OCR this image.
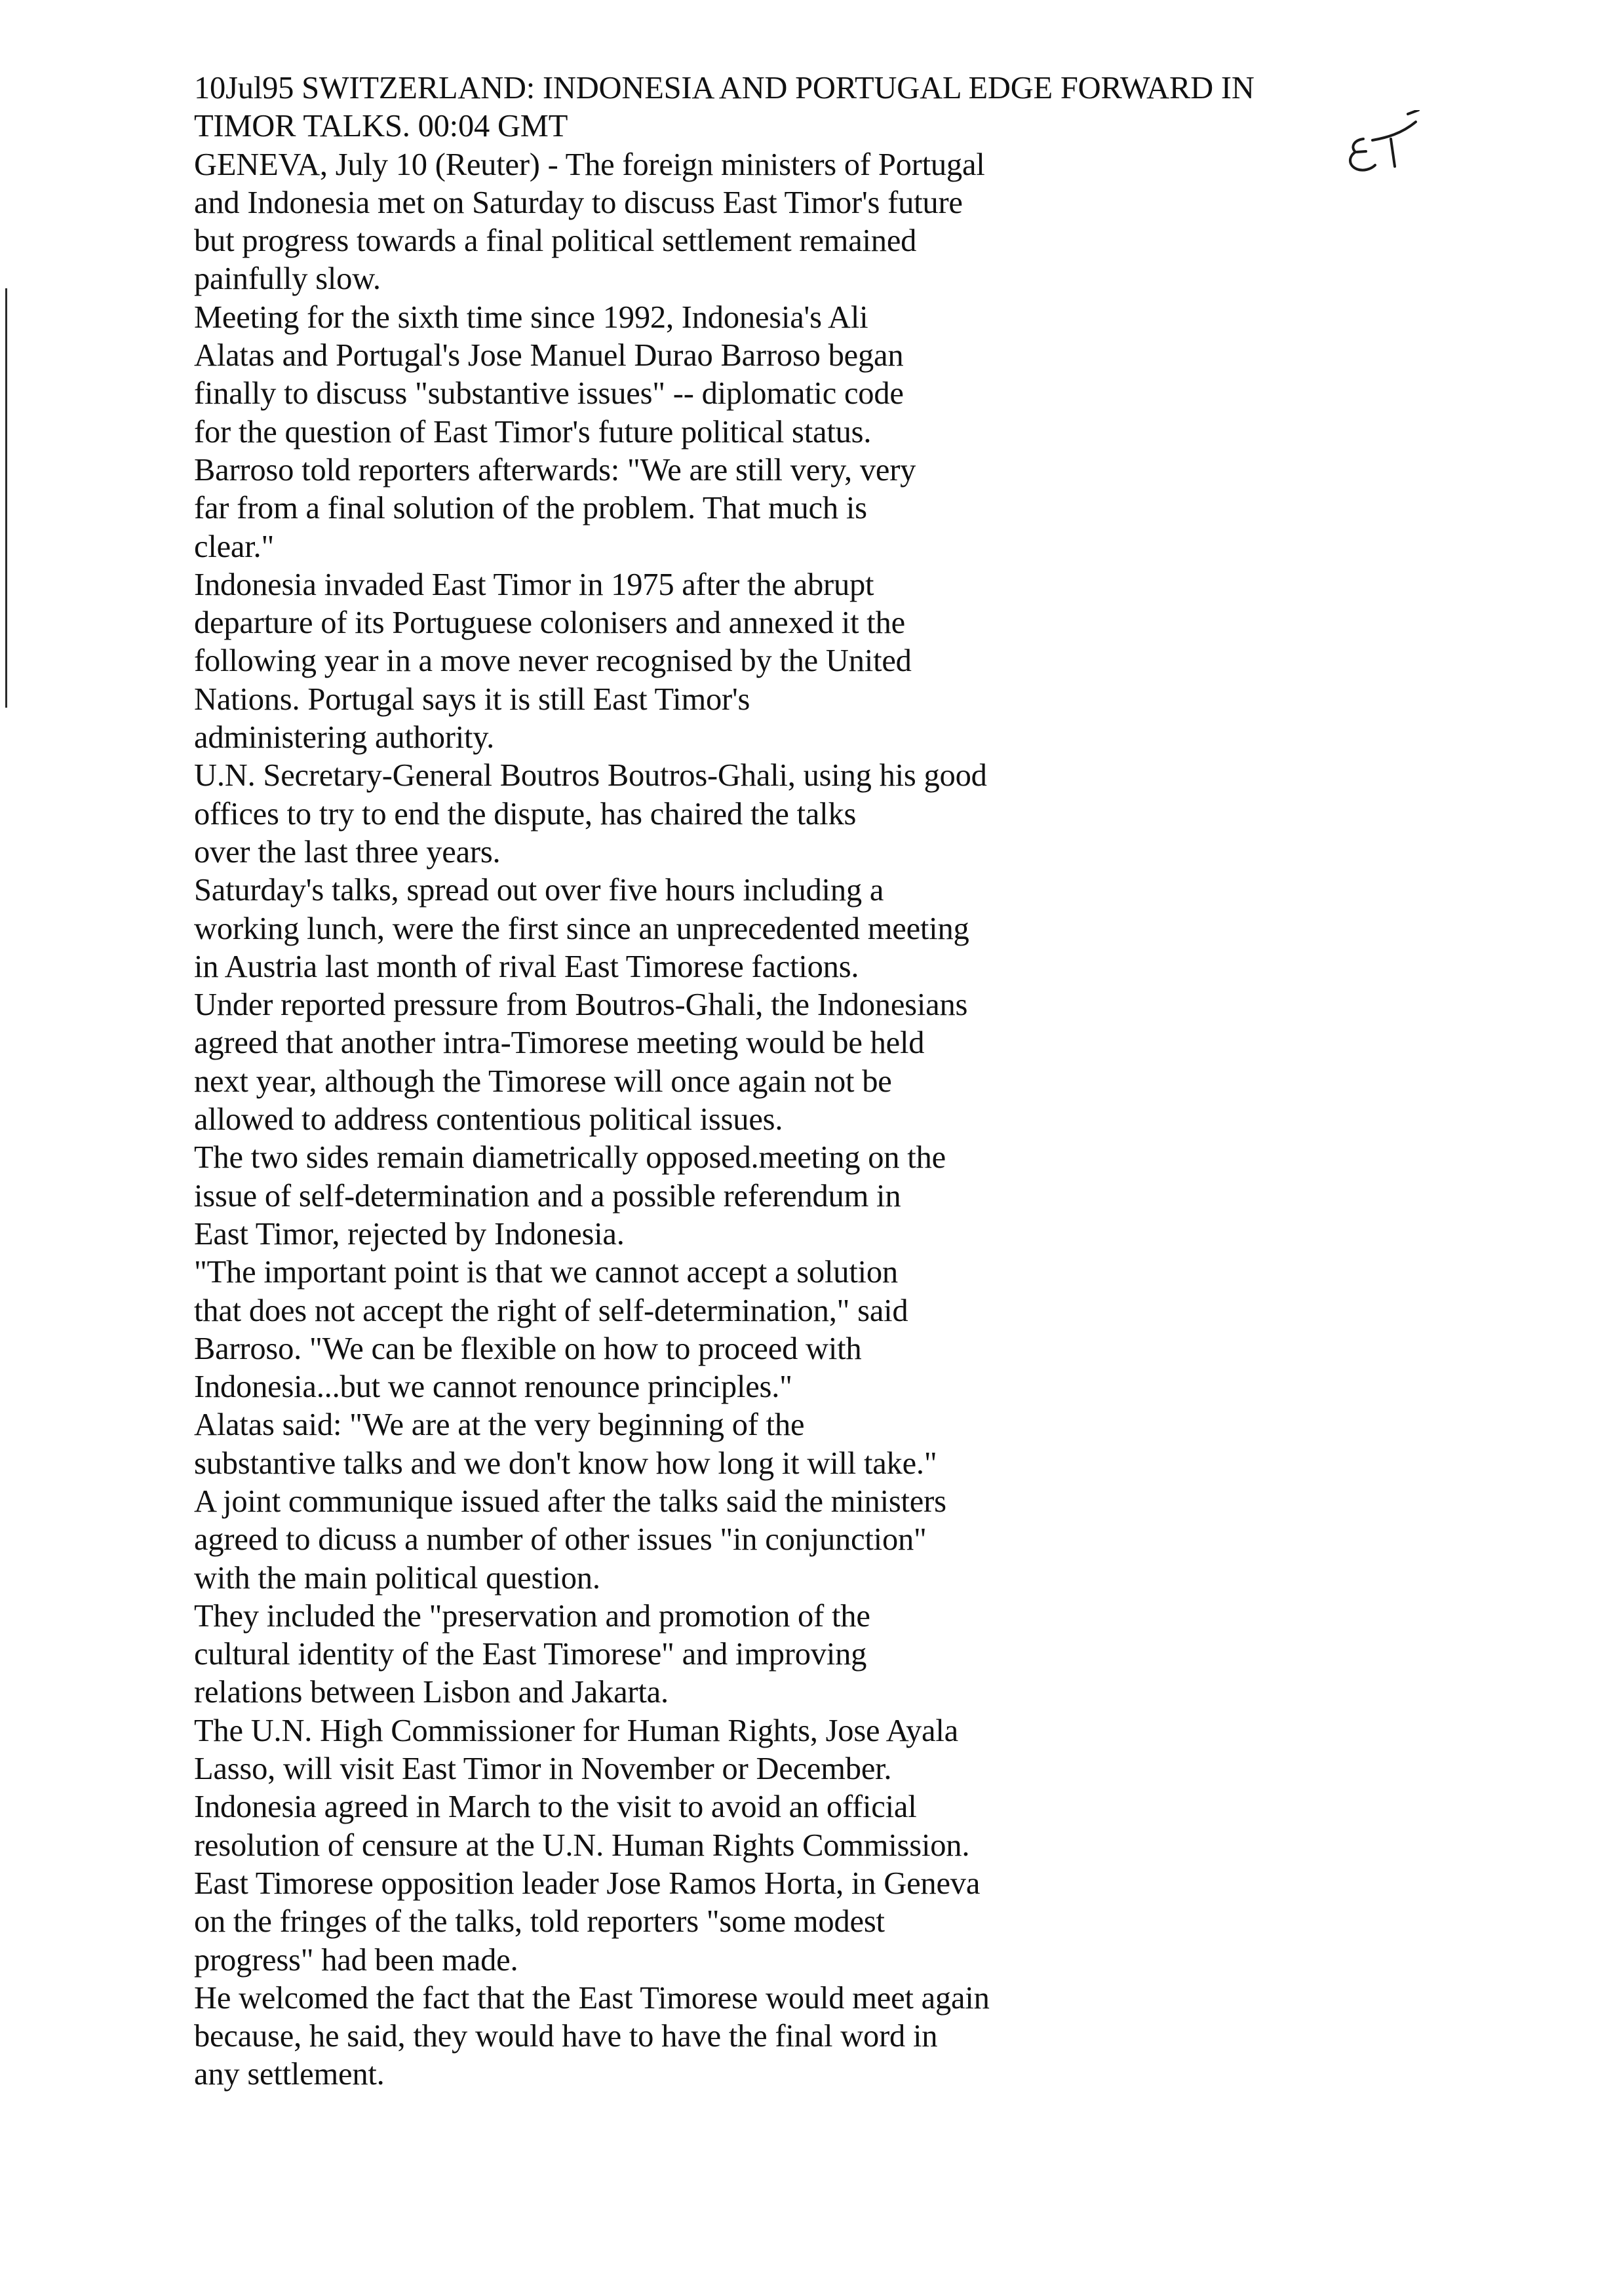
10Jul95 SWITZERLAND: INDONESIA AND PORTUGAL EDGE FORWARD IN
TIMOR TALKS. 00:04 GMT
GENEVA, July 10 (Reuter) - The foreign ministers of Portugal
and Indonesia met on Saturday to discuss East Timor's future
but progress towards a final political settlement remained
painfully slow.
Meeting for the sixth time since 1992, Indonesia's Ali
Alatas and Portugal's Jose Manuel Durao Barroso began
finally to discuss "substantive issues" -- diplomatic code
for the question of East Timor's future political status.
Barroso told reporters afterwards: "We are still very, very
far from a final solution of the problem. That much is
clear."
Indonesia invaded East Timor in 1975 after the abrupt
departure of its Portuguese colonisers and annexed it the
following year in a move never recognised by the United
Nations. Portugal says it is still East Timor's
administering authority.
U.N. Secretary-General Boutros Boutros-Ghali, using his good
offices to try to end the dispute, has chaired the talks
over the last three years.
Saturday's talks, spread out over five hours including a
working lunch, were the first since an unprecedented meeting
in Austria last month of rival East Timorese factions.
Under reported pressure from Boutros-Ghali, the Indonesians
agreed that another intra-Timorese meeting would be held
next year, although the Timorese will once again not be
allowed to address contentious political issues.
The two sides remain diametrically opposed.meeting on the
issue of self-determination and a possible referendum in
East Timor, rejected by Indonesia.
"The important point is that we cannot accept a solution
that does not accept the right of self-determination," said
Barroso. "We can be flexible on how to proceed with
Indonesia...but we cannot renounce principles."
Alatas said: "We are at the very beginning of the
substantive talks and we don't know how long it will take."
A joint communique issued after the talks said the ministers
agreed to dicuss a number of other issues "in conjunction"
with the main political question.
They included the "preservation and promotion of the
cultural identity of the East Timorese" and improving
relations between Lisbon and Jakarta.
The U.N. High Commissioner for Human Rights, Jose Ayala
Lasso, will visit East Timor in November or December.
Indonesia agreed in March to the visit to avoid an official
resolution of censure at the U.N. Human Rights Commission.
East Timorese opposition leader Jose Ramos Horta, in Geneva
on the fringes of the talks, told reporters "some modest
progress" had been made.
He welcomed the fact that the East Timorese would meet again
because, he said, they would have to have the final word in
any settlement.
